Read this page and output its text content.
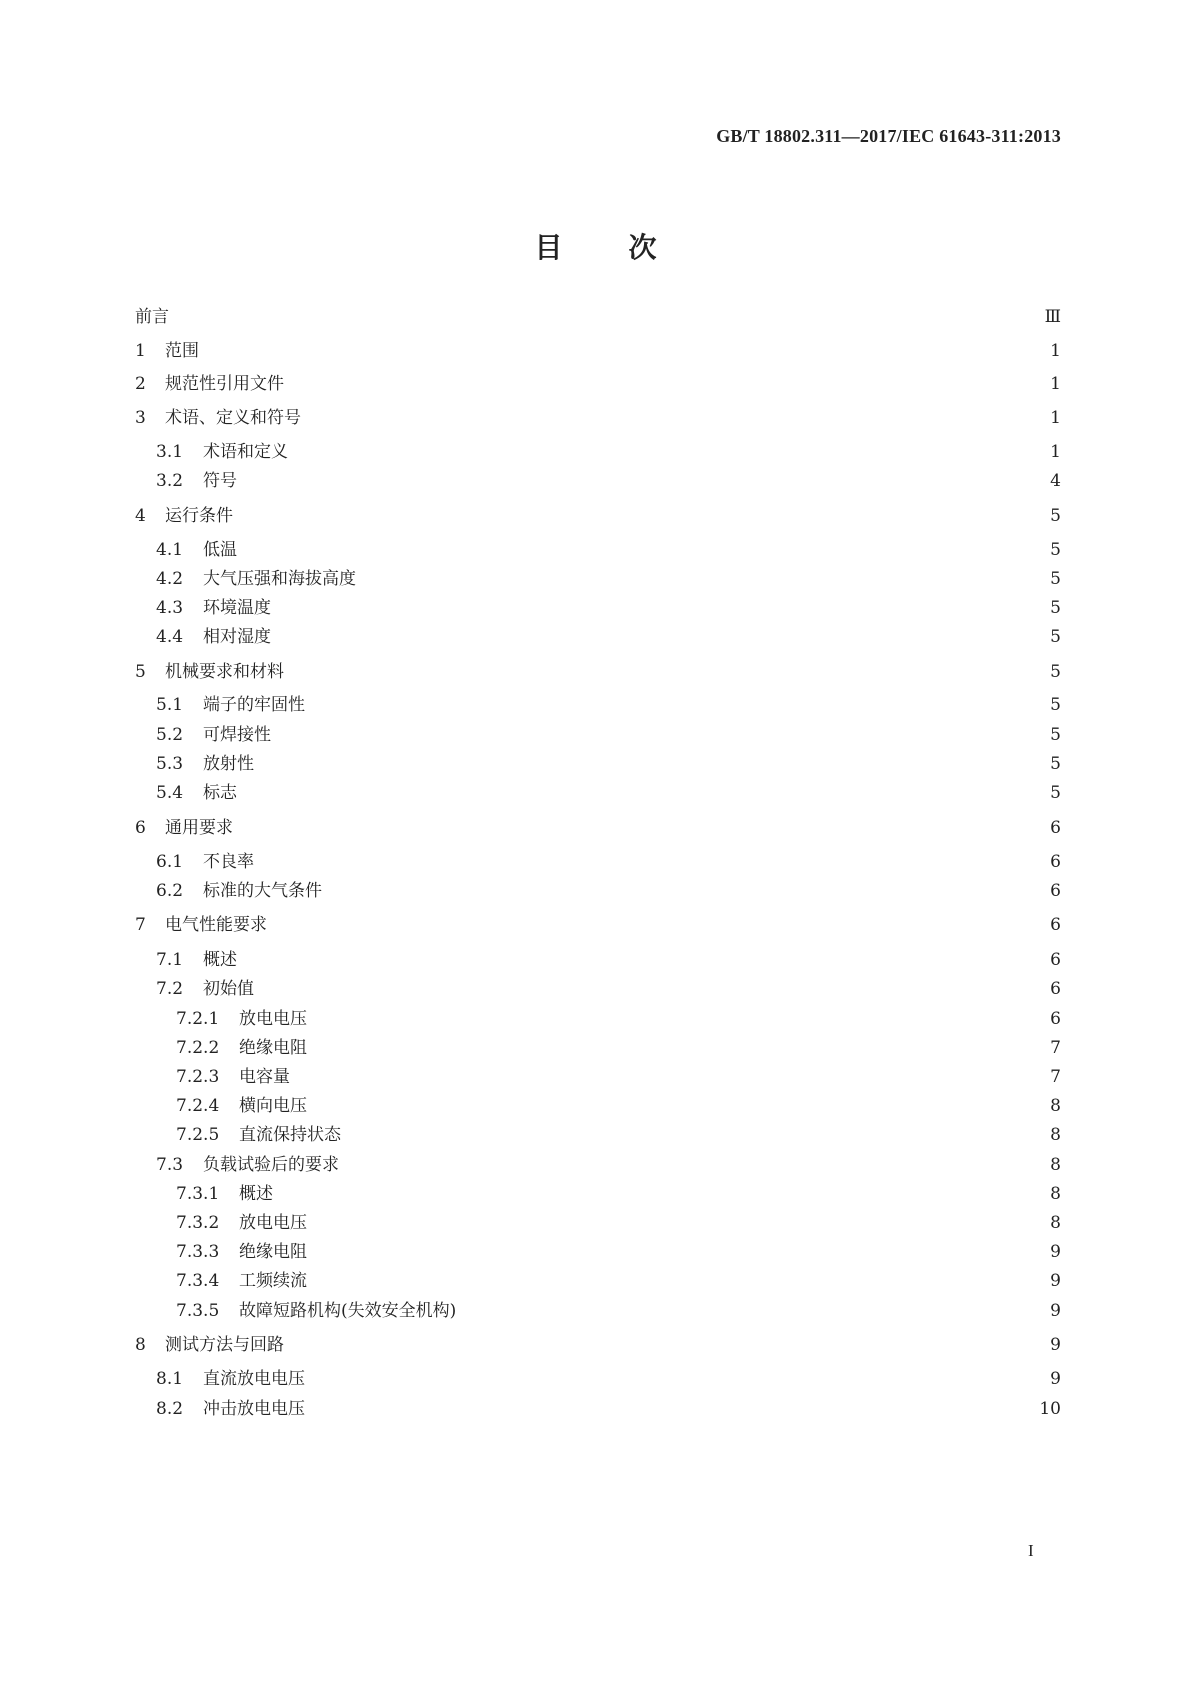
GB/T 18802.311—2017/IEC 61643-311:2013
目次
前言	Ⅲ
1	范围	1
2	规范性引用文件	1
3	术语、定义和符号	1
3.1	术语和定义	1
3.2	符号	4
4	运行条件	5
4.1	低温	5
4.2	大气压强和海拔高度	5
4.3	环境温度	5
4.4	相对湿度	5
5	机械要求和材料	5
5.1	端子的牢固性	5
5.2	可焊接性	5
5.3	放射性	5
5.4	标志	5
6	通用要求	6
6.1	不良率	6
6.2	标准的大气条件	6
7	电气性能要求	6
7.1	概述	6
7.2	初始值	6
7.2.1	放电电压	6
7.2.2	绝缘电阻	7
7.2.3	电容量	7
7.2.4	横向电压	8
7.2.5	直流保持状态	8
7.3	负载试验后的要求	8
7.3.1	概述	8
7.3.2	放电电压	8
7.3.3	绝缘电阻	9
7.3.4	工频续流	9
7.3.5	故障短路机构(失效安全机构)	9
8	测试方法与回路	9
8.1	直流放电电压	9
8.2	冲击放电电压	10
I
